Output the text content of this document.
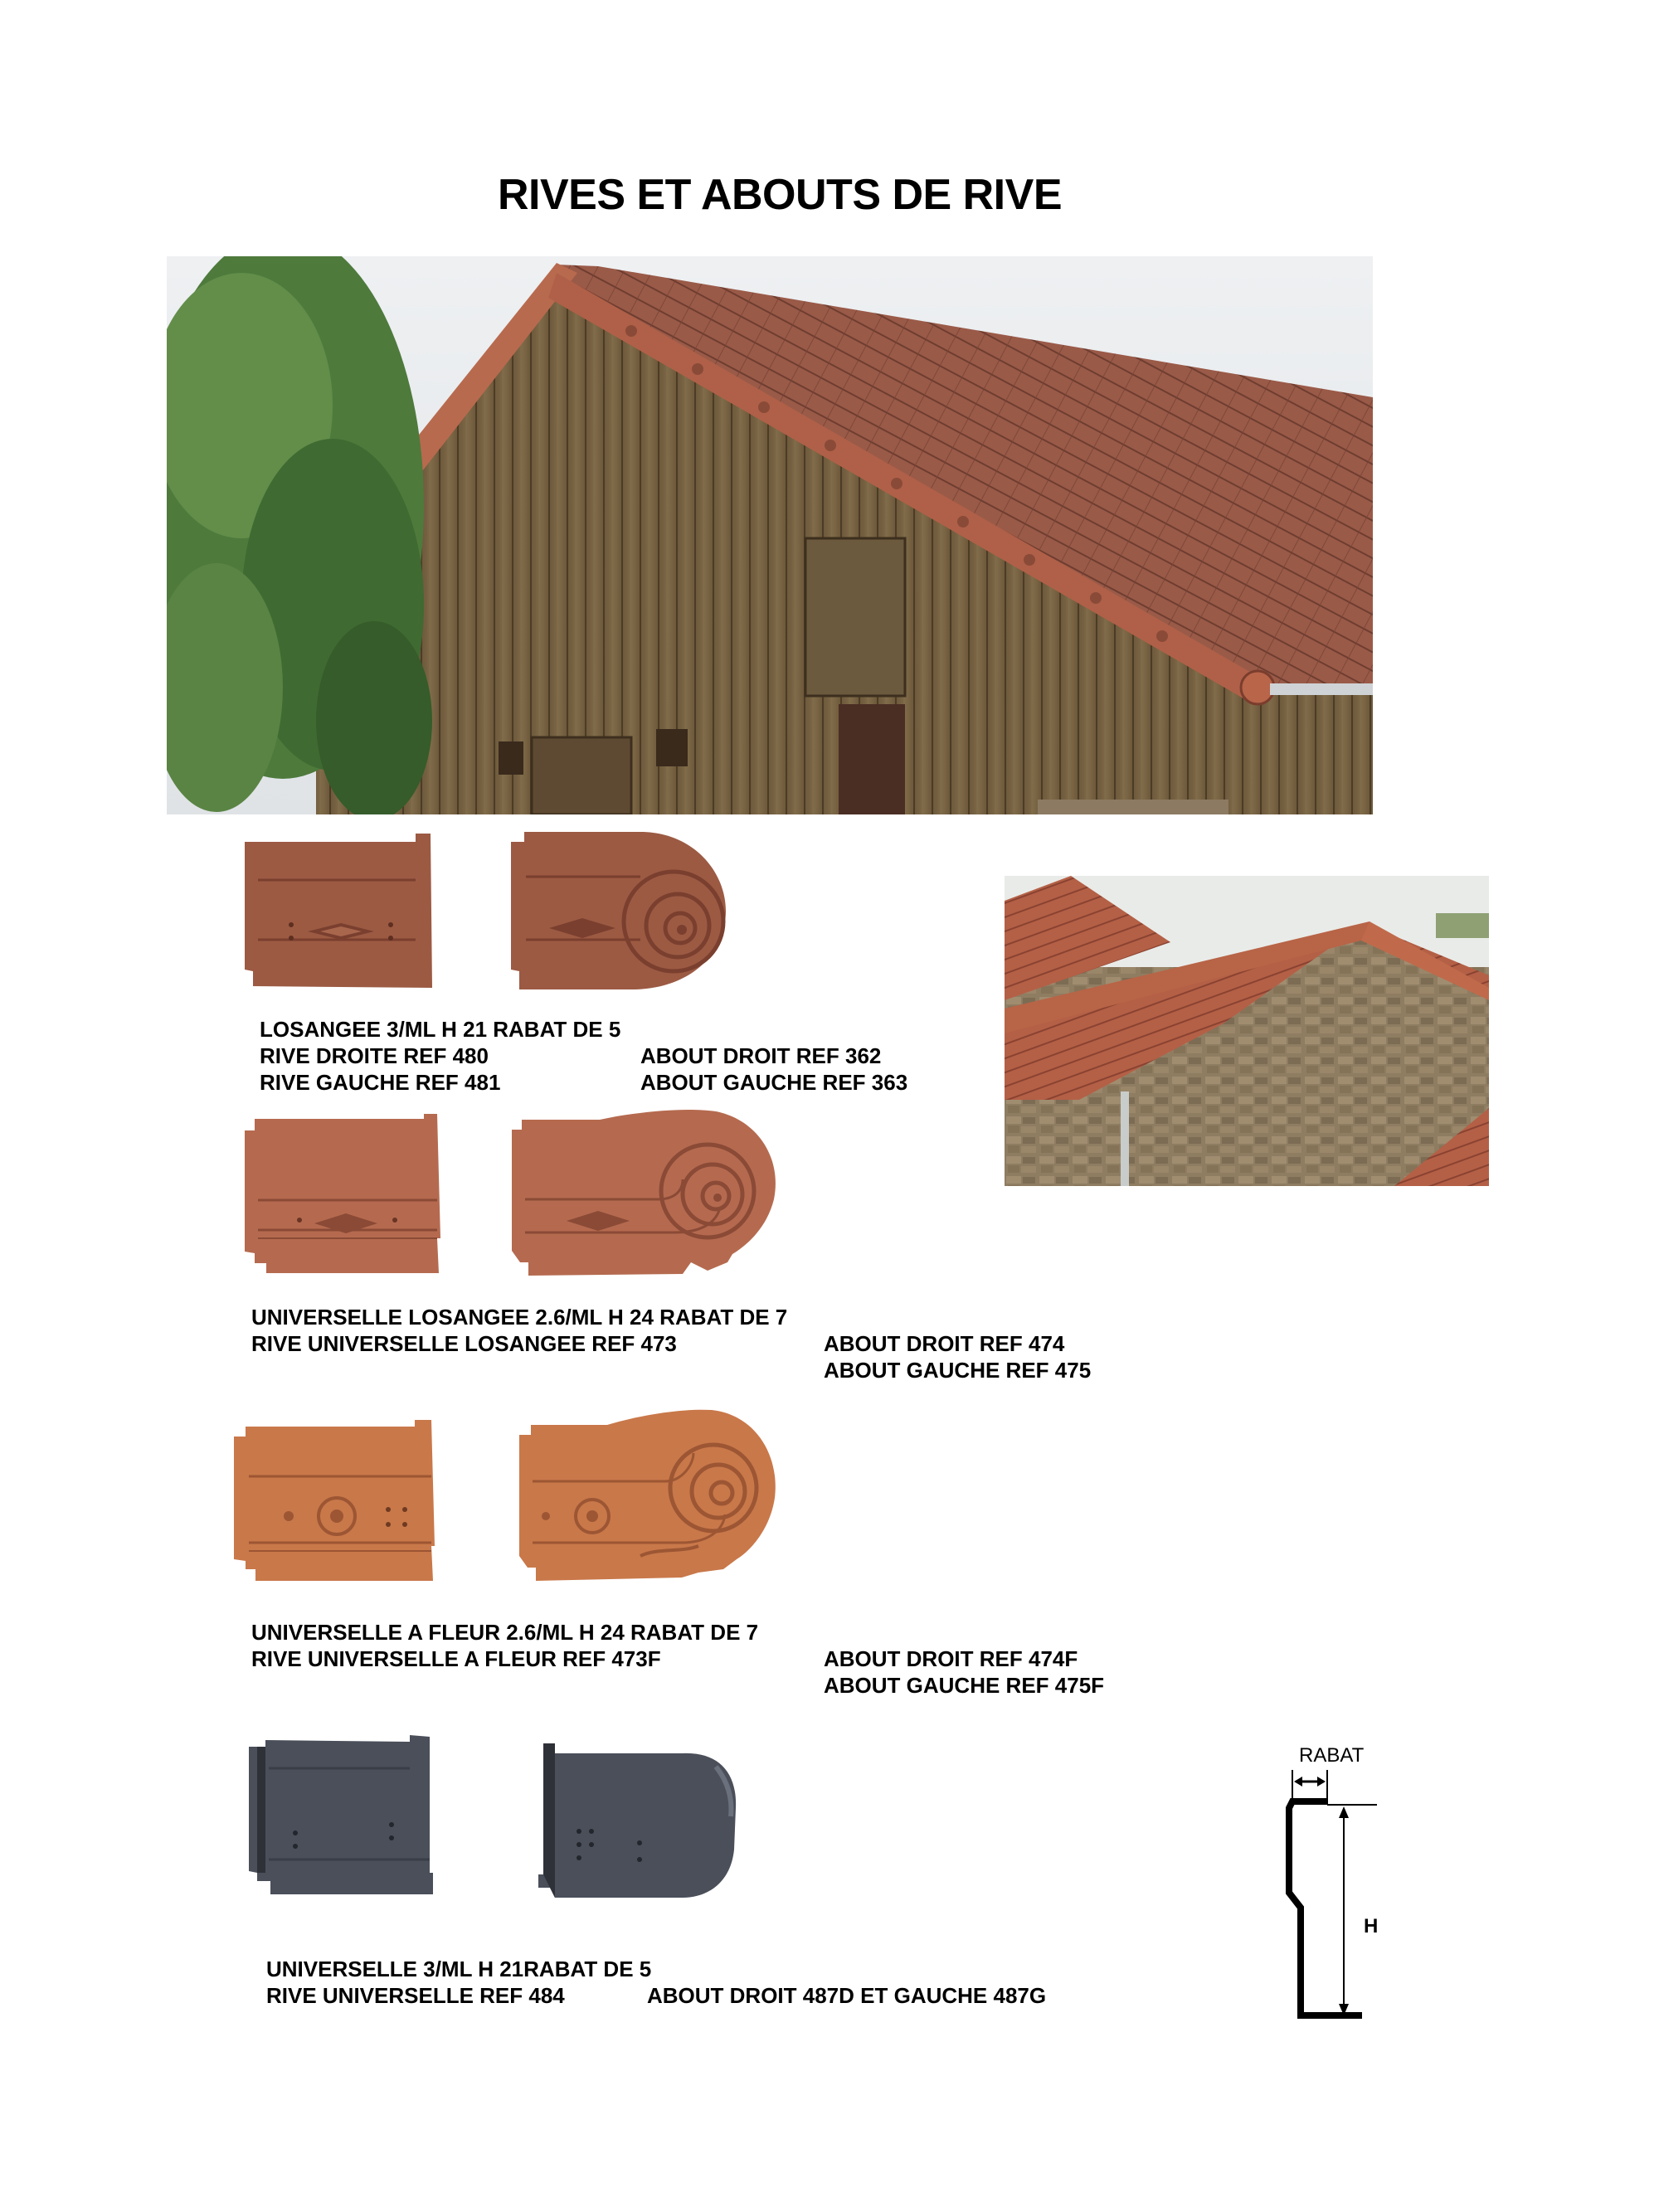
RIVES ET ABOUTS DE RIVE
LOSANGEE 3/ML H 21 RABAT DE 5
RIVE DROITE REF 480
RIVE GAUCHE REF 481
ABOUT DROIT REF 362
ABOUT GAUCHE REF 363
UNIVERSELLE LOSANGEE 2.6/ML H 24 RABAT DE 7
RIVE UNIVERSELLE LOSANGEE REF 473	ABOUT DROIT REF 474
ABOUT GAUCHE REF 475
UNIVERSELLE A FLEUR 2.6/ML H 24 RABAT DE 7
RIVE UNIVERSELLE A FLEUR REF 473F	ABOUT DROIT REF 474F
ABOUT GAUCHE REF 475F
UNIVERSELLE 3/ML H 21RABAT DE 5
RIVE UNIVERSELLE REF 484	ABOUT DROIT 487D ET GAUCHE 487G
RABAT
H
